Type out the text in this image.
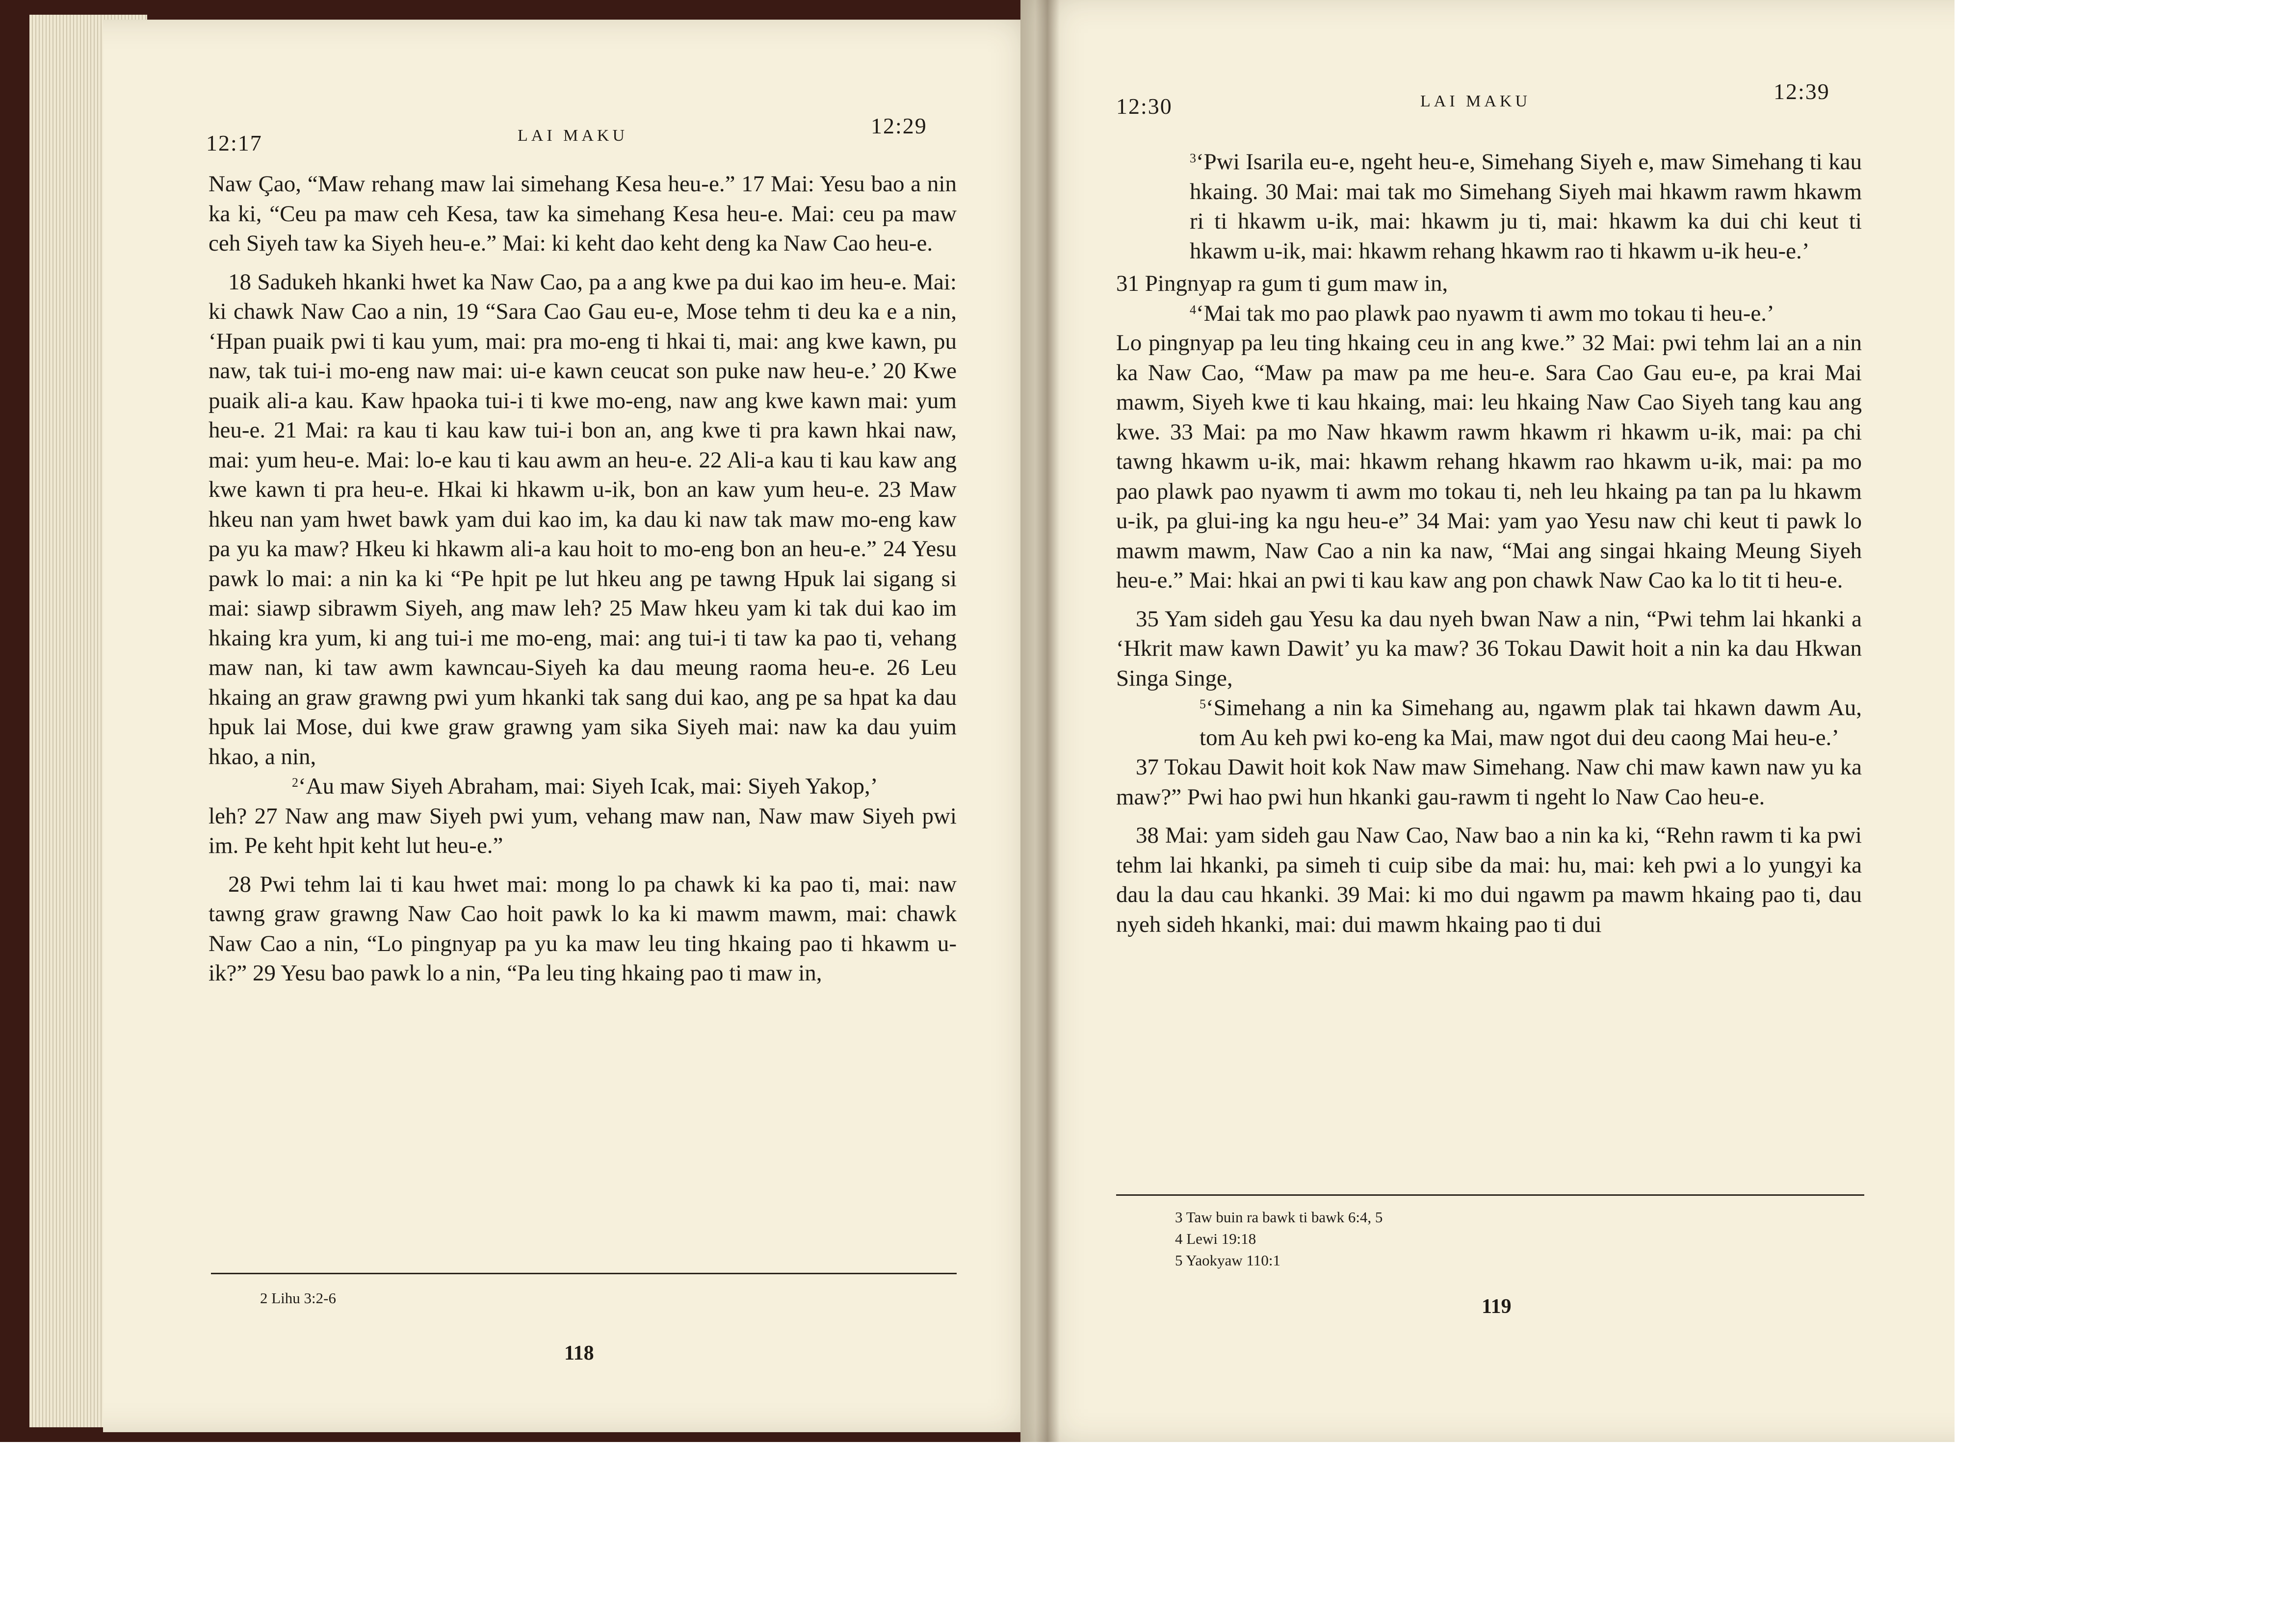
12:17	LAI MAKU	12:29

Naw Çao, “Maw rehang maw lai simehang Kesa heu-e.” 17 Mai: Yesu bao a nin ka ki, “Ceu pa maw ceh Kesa, taw ka simehang Kesa heu-e. Mai: ceu pa maw ceh Siyeh taw ka Siyeh heu-e.” Mai: ki keht dao keht deng ka Naw Cao heu-e.

18 Sadukeh hkanki hwet ka Naw Cao, pa a ang kwe pa dui kao im heu-e. Mai: ki chawk Naw Cao a nin, 19 “Sara Cao Gau eu-e, Mose tehm ti deu ka e a nin, ‘Hpan puaik pwi ti kau yum, mai: pra mo-eng ti hkai ti, mai: ang kwe kawn, pu naw, tak tui-i mo-eng naw mai: ui-e kawn ceucat son puke naw heu-e.’ 20 Kwe puaik ali-a kau. Kaw hpaoka tui-i ti kwe mo-eng, naw ang kwe kawn mai: yum heu-e. 21 Mai: ra kau ti kau kaw tui-i bon an, ang kwe ti pra kawn hkai naw, mai: yum heu-e. Mai: lo-e kau ti kau awm an heu-e. 22 Ali-a kau ti kau kaw ang kwe kawn ti pra heu-e. Hkai ki hkawm u-ik, bon an kaw yum heu-e. 23 Maw hkeu nan yam hwet bawk yam dui kao im, ka dau ki naw tak maw mo-eng kaw pa yu ka maw? Hkeu ki hkawm ali-a kau hoit to mo-eng bon an heu-e.” 24 Yesu pawk lo mai: a nin ka ki “Pe hpit pe lut hkeu ang pe tawng Hpuk lai sigang si mai: siawp sibrawm Siyeh, ang maw leh? 25 Maw hkeu yam ki tak dui kao im hkaing kra yum, ki ang tui-i me mo-eng, mai: ang tui-i ti taw ka pao ti, vehang maw nan, ki taw awm kawncau-Siyeh ka dau meung raoma heu-e. 26 Leu hkaing an graw grawng pwi yum hkanki tak sang dui kao, ang pe sa hpat ka dau hpuk lai Mose, dui kwe graw grawng yam sika Siyeh mai: naw ka dau yuim hkao, a nin,

$^2$‘Au maw Siyeh Abraham, mai: Siyeh Icak, mai: Siyeh Yakop,’

leh? 27 Naw ang maw Siyeh pwi yum, vehang maw nan, Naw maw Siyeh pwi im. Pe keht hpit keht lut heu-e.”

28 Pwi tehm lai ti kau hwet mai: mong lo pa chawk ki ka pao ti, mai: naw tawng graw grawng Naw Cao hoit pawk lo ka ki mawm mawm, mai: chawk Naw Cao a nin, “Lo pingnyap pa yu ka maw leu ting hkaing pao ti hkawm u-ik?” 29 Yesu bao pawk lo a nin, “Pa leu ting hkaing pao ti maw in,

2 Lihu 3:2-6
118
12:30	LAI MAKU	12:39

$^3$‘Pwi Isarila eu-e, ngeht heu-e, Simehang Siyeh e, maw Simehang ti kau hkaing. 30 Mai: mai tak mo Simehang Siyeh mai hkawm rawm hkawm ri ti hkawm u-ik, mai: hkawm ju ti, mai: hkawm ka dui chi keut ti hkawm u-ik, mai: hkawm rehang hkawm rao ti hkawm u-ik heu-e.’

31 Pingnyap ra gum ti gum maw in,

$^4$‘Mai tak mo pao plawk pao nyawm ti awm mo tokau ti heu-e.’

Lo pingnyap pa leu ting hkaing ceu in ang kwe.” 32 Mai: pwi tehm lai an a nin ka Naw Cao, “Maw pa maw pa me heu-e. Sara Cao Gau eu-e, pa krai Mai mawm, Siyeh kwe ti kau hkaing, mai: leu hkaing Naw Cao Siyeh tang kau ang kwe. 33 Mai: pa mo Naw hkawm rawm hkawm ri hkawm u-ik, mai: pa chi tawng hkawm u-ik, mai: hkawm rehang hkawm rao hkawm u-ik, mai: pa mo pao plawk pao nyawm ti awm mo tokau ti, neh leu hkaing pa tan pa lu hkawm u-ik, pa glui-ing ka ngu heu-e” 34 Mai: yam yao Yesu naw chi keut ti pawk lo mawm mawm, Naw Cao a nin ka naw, “Mai ang singai hkaing Meung Siyeh heu-e.” Mai: hkai an pwi ti kau kaw ang pon chawk Naw Cao ka lo tit ti heu-e.

35 Yam sideh gau Yesu ka dau nyeh bwan Naw a nin, “Pwi tehm lai hkanki a ‘Hkrit maw kawn Dawit’ yu ka maw? 36 Tokau Dawit hoit a nin ka dau Hkwan Singa Singe,

$^5$‘Simehang a nin ka Simehang au, ngawm plak tai hkawn dawm Au, tom Au keh pwi ko-eng ka Mai, maw ngot dui deu caong Mai heu-e.’

37 Tokau Dawit hoit kok Naw maw Simehang. Naw chi maw kawn naw yu ka maw?” Pwi hao pwi hun hkanki gau-rawm ti ngeht lo Naw Cao heu-e.

38 Mai: yam sideh gau Naw Cao, Naw bao a nin ka ki, “Rehn rawm ti ka pwi tehm lai hkanki, pa simeh ti cuip sibe da mai: hu, mai: keh pwi a lo yungyi ka dau la dau cau hkanki. 39 Mai: ki mo dui ngawm pa mawm hkaing pao ti, dau nyeh sideh hkanki, mai: dui mawm hkaing pao ti dui

3 Taw buin ra bawk ti bawk 6:4, 5
4 Lewi 19:18
5 Yaokyaw 110:1
119
